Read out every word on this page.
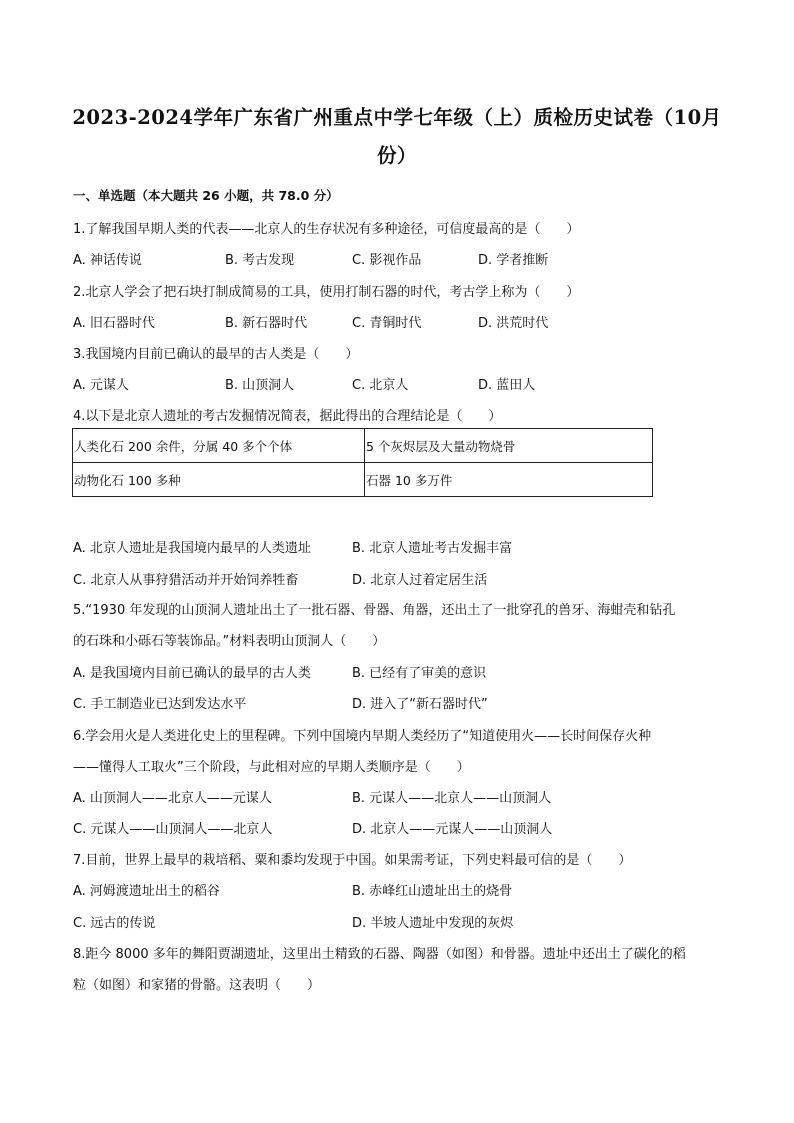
2023-2024学年广东省广州重点中学七年级（上）质检历史试卷（10月
份）
一、单选题（本大题共 26 小题，共 78.0 分）
1.了解我国早期人类的代表——北京人的生存状况有多种途径，可信度最高的是（　　）
A. 神话传说	B. 考古发现	C. 影视作品	D. 学者推断
2.北京人学会了把石块打制成简易的工具，使用打制石器的时代，考古学上称为（　　）
A. 旧石器时代	B. 新石器时代	C. 青铜时代	D. 洪荒时代
3.我国境内目前已确认的最早的古人类是（　　）
A. 元谋人	B. 山顶洞人	C. 北京人	D. 蓝田人
4.以下是北京人遗址的考古发掘情况简表，据此得出的合理结论是（　　）
人类化石 200 余件，分属 40 多个个体	5 个灰烬层及大量动物烧骨
动物化石 100 多种	石器 10 多万件
A. 北京人遗址是我国境内最早的人类遗址	B. 北京人遗址考古发掘丰富
C. 北京人从事狩猎活动并开始饲养牲畜	D. 北京人过着定居生活
5.“1930 年发现的山顶洞人遗址出土了一批石器、骨器、角器，还出土了一批穿孔的兽牙、海蚶壳和钻孔
的石珠和小砾石等装饰品。”材料表明山顶洞人（　　）
A. 是我国境内目前已确认的最早的古人类	B. 已经有了审美的意识
C. 手工制造业已达到发达水平	D. 进入了“新石器时代”
6.学会用火是人类进化史上的里程碑。下列中国境内早期人类经历了“知道使用火——长时间保存火种
——懂得人工取火”三个阶段，与此相对应的早期人类顺序是（　　）
A. 山顶洞人——北京人——元谋人	B. 元谋人——北京人——山顶洞人
C. 元谋人——山顶洞人——北京人	D. 北京人——元谋人——山顶洞人
7.目前，世界上最早的栽培稻、粟和黍均发现于中国。如果需考证，下列史料最可信的是（　　）
A. 河姆渡遗址出土的稻谷	B. 赤峰红山遗址出土的烧骨
C. 远古的传说	D. 半坡人遗址中发现的灰烬
8.距今 8000 多年的舞阳贾湖遗址，这里出土精致的石器、陶器（如图）和骨器。遗址中还出土了碳化的稻
粒（如图）和家猪的骨骼。这表明（　　）
